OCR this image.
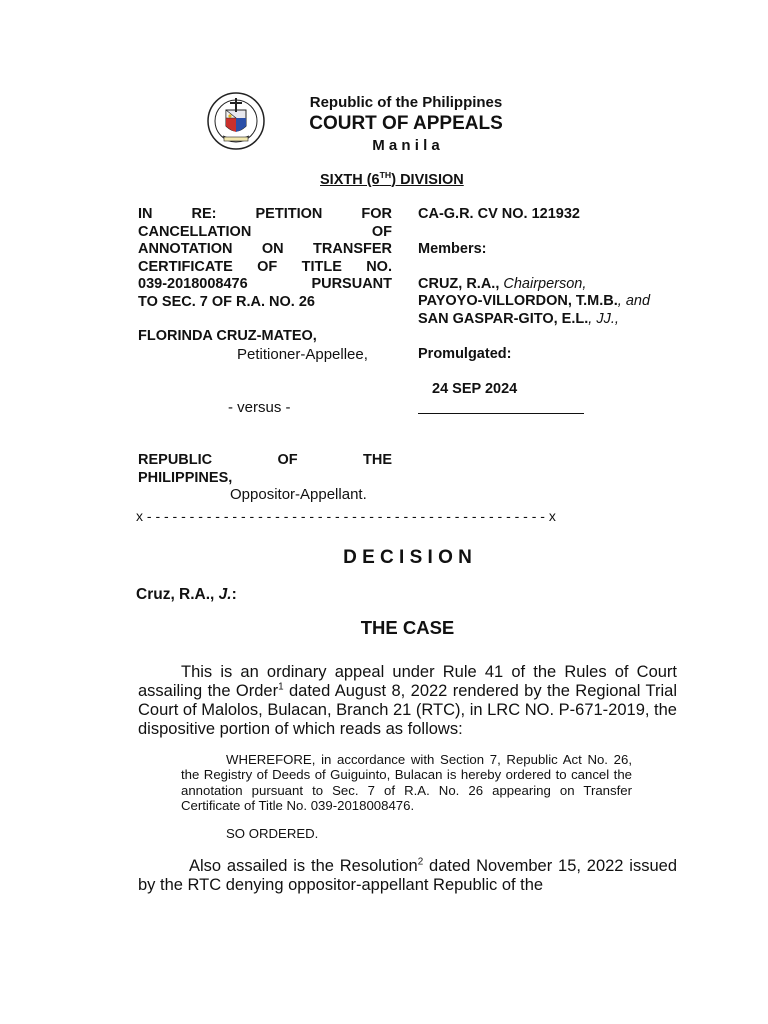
Republic of the Philippines
COURT OF APPEALS
M a n i l a
SIXTH (6TH) DIVISION
IN RE: PETITION FOR
CANCELLATION OF
ANNOTATION ON TRANSFER
CERTIFICATE OF TITLE NO.
039-2018008476 PURSUANT
TO SEC. 7 OF R.A. NO. 26
FLORINDA CRUZ-MATEO,
Petitioner-Appellee,
- versus -
REPUBLIC OF THE
PHILIPPINES,
Oppositor-Appellant.
CA-G.R. CV NO. 121932
Members:
CRUZ, R.A., Chairperson,
PAYOYO-VILLORDON, T.M.B., and
SAN GASPAR-GITO, E.L., JJ.,
Promulgated:
24 SEP 2024
x - - - - - - - - - - - - - - - - - - - - - - - - - - - - - - - - - - - - - - - - - - - - - - - x
D E C I S I O N
Cruz, R.A., J.:
THE CASE
This is an ordinary appeal under Rule 41 of the Rules of Court assailing the Order$^1$ dated August 8, 2022 rendered by the Regional Trial Court of Malolos, Bulacan, Branch 21 (RTC), in LRC NO. P-671-2019, the dispositive portion of which reads as follows:
WHEREFORE, in accordance with Section 7, Republic Act No. 26, the Registry of Deeds of Guiguinto, Bulacan is hereby ordered to cancel the annotation pursuant to Sec. 7 of R.A. No. 26 appearing on Transfer Certificate of Title No. 039-2018008476.
SO ORDERED.
Also assailed is the Resolution$^2$ dated November 15, 2022 issued by the RTC denying oppositor-appellant Republic of the
